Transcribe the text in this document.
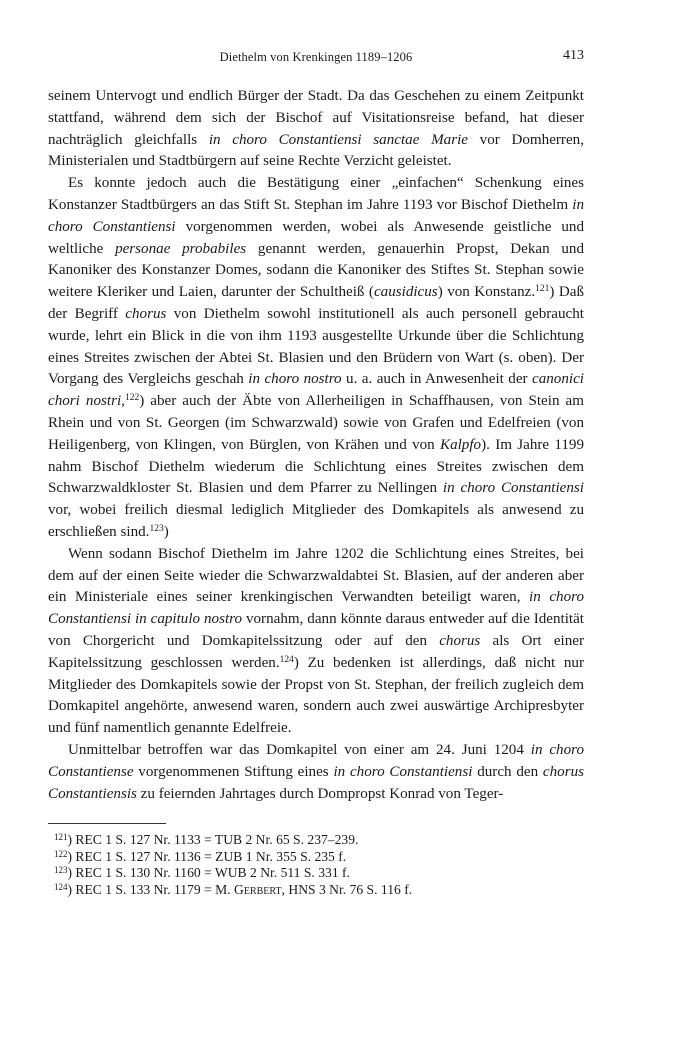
Diethelm von Krenkingen 1189–1206	413

seinem Untervogt und endlich Bürger der Stadt. Da das Geschehen zu einem Zeitpunkt stattfand, während dem sich der Bischof auf Visitationsreise befand, hat dieser nachträglich gleichfalls in choro Constantiensi sanctae Marie vor Domherren, Ministerialen und Stadtbürgern auf seine Rechte Verzicht geleistet.

Es konnte jedoch auch die Bestätigung einer „einfachen“ Schenkung eines Konstanzer Stadtbürgers an das Stift St. Stephan im Jahre 1193 vor Bischof Diethelm in choro Constantiensi vorgenommen werden, wobei als Anwesende geistliche und weltliche personae probabiles genannt werden, genauerhin Propst, Dekan und Kanoniker des Konstanzer Domes, sodann die Kanoniker des Stiftes St. Stephan sowie weitere Kleriker und Laien, darunter der Schultheiß (causidicus) von Konstanz.$^{121}$) Daß der Begriff chorus von Diethelm sowohl institutionell als auch personell gebraucht wurde, lehrt ein Blick in die von ihm 1193 ausgestellte Urkunde über die Schlichtung eines Streites zwischen der Abtei St. Blasien und den Brüdern von Wart (s. oben). Der Vorgang des Vergleichs geschah in choro nostro u. a. auch in Anwesenheit der canonici chori nostri,$^{122}$) aber auch der Äbte von Allerheiligen in Schaffhausen, von Stein am Rhein und von St. Georgen (im Schwarzwald) sowie von Grafen und Edelfreien (von Heiligenberg, von Klingen, von Bürglen, von Krähen und von Kalpfo). Im Jahre 1199 nahm Bischof Diethelm wiederum die Schlichtung eines Streites zwischen dem Schwarzwaldkloster St. Blasien und dem Pfarrer zu Nellingen in choro Constantiensi vor, wobei freilich diesmal lediglich Mitglieder des Domkapitels als anwesend zu erschließen sind.$^{123}$)

Wenn sodann Bischof Diethelm im Jahre 1202 die Schlichtung eines Streites, bei dem auf der einen Seite wieder die Schwarzwaldabtei St. Blasien, auf der anderen aber ein Ministeriale eines seiner krenkingischen Verwandten beteiligt waren, in choro Constantiensi in capitulo nostro vornahm, dann könnte daraus entweder auf die Identität von Chorgericht und Domkapitelssitzung oder auf den chorus als Ort einer Kapitelssitzung geschlossen werden.$^{124}$) Zu bedenken ist allerdings, daß nicht nur Mitglieder des Domkapitels sowie der Propst von St. Stephan, der freilich zugleich dem Domkapitel angehörte, anwesend waren, sondern auch zwei auswärtige Archipresbyter und fünf namentlich genannte Edelfreie.

Unmittelbar betroffen war das Domkapitel von einer am 24. Juni 1204 in choro Constantiense vorgenommenen Stiftung eines in choro Constantiensi durch den chorus Constantiensis zu feiernden Jahrtages durch Dompropst Konrad von Teger-

$^{121}$) REC 1 S. 127 Nr. 1133 = TUB 2 Nr. 65 S. 237–239.
$^{122}$) REC 1 S. 127 Nr. 1136 = ZUB 1 Nr. 355 S. 235 f.
$^{123}$) REC 1 S. 130 Nr. 1160 = WUB 2 Nr. 511 S. 331 f.
$^{124}$) REC 1 S. 133 Nr. 1179 = M. Gerbert, HNS 3 Nr. 76 S. 116 f.
